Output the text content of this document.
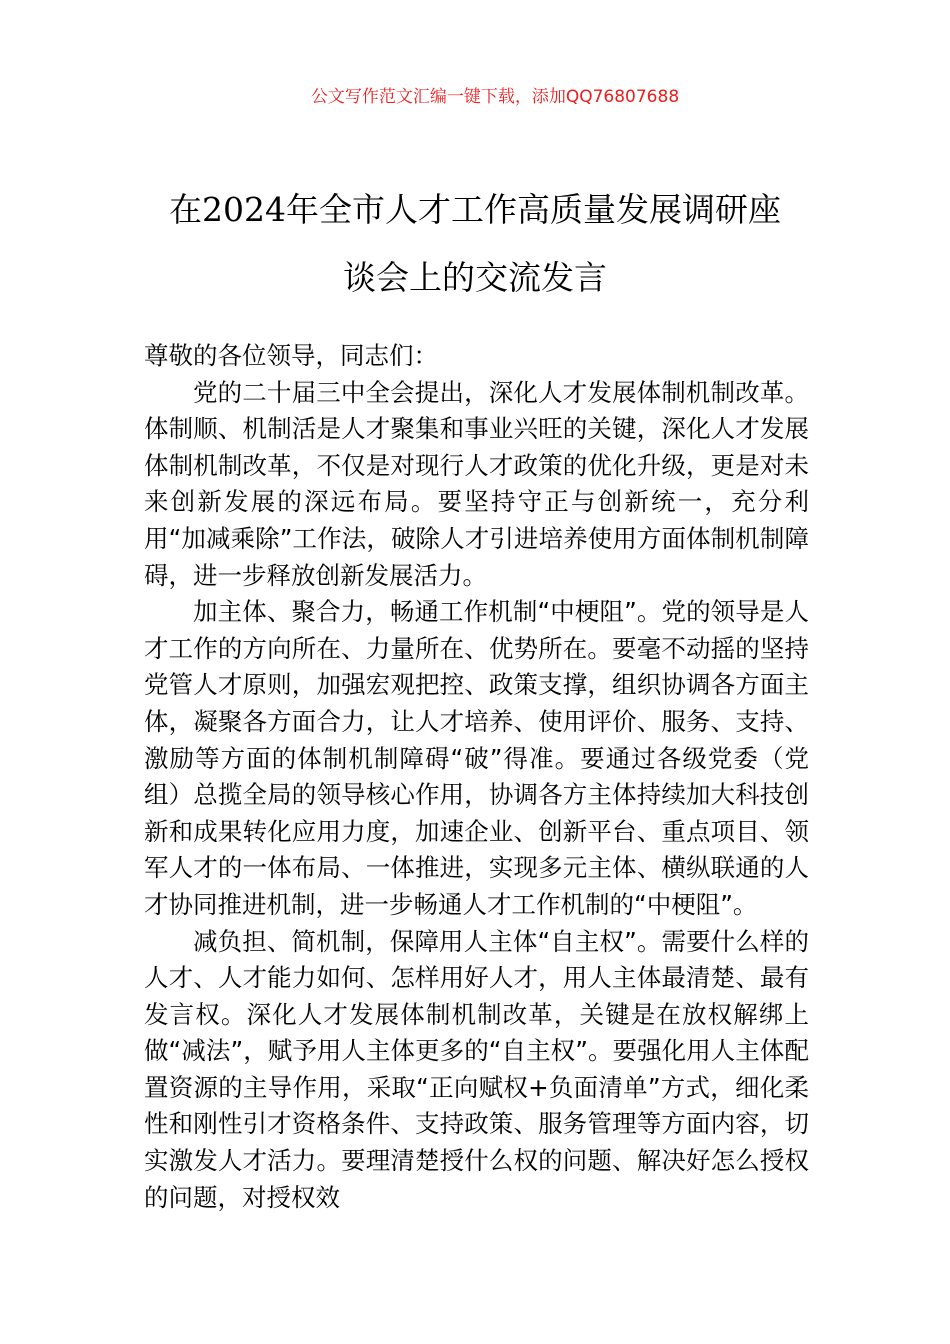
公文写作范文汇编一键下载，添加QQ76807688
在2024年全市人才工作高质量发展调研座
谈会上的交流发言

尊敬的各位领导，同志们：

党的二十届三中全会提出，深化人才发展体制机制改革。体制顺、机制活是人才聚集和事业兴旺的关键，深化人才发展体制机制改革，不仅是对现行人才政策的优化升级，更是对未来创新发展的深远布局。要坚持守正与创新统一，充分利用“加减乘除”工作法，破除人才引进培养使用方面体制机制障碍，进一步释放创新发展活力。

加主体、聚合力，畅通工作机制“中梗阻”。党的领导是人才工作的方向所在、力量所在、优势所在。要毫不动摇的坚持党管人才原则，加强宏观把控、政策支撑，组织协调各方面主体，凝聚各方面合力，让人才培养、使用评价、服务、支持、激励等方面的体制机制障碍“破”得准。要通过各级党委（党组）总揽全局的领导核心作用，协调各方主体持续加大科技创新和成果转化应用力度，加速企业、创新平台、重点项目、领军人才的一体布局、一体推进，实现多元主体、横纵联通的人才协同推进机制，进一步畅通人才工作机制的“中梗阻”。

减负担、简机制，保障用人主体“自主权”。需要什么样的人才、人才能力如何、怎样用好人才，用人主体最清楚、最有发言权。深化人才发展体制机制改革，关键是在放权解绑上做“减法”，赋予用人主体更多的“自主权”。要强化用人主体配置资源的主导作用，采取“正向赋权+负面清单”方式，细化柔性和刚性引才资格条件、支持政策、服务管理等方面内容，切实激发人才活力。要理清楚授什么权的问题、解决好怎么授权的问题，对授权效
